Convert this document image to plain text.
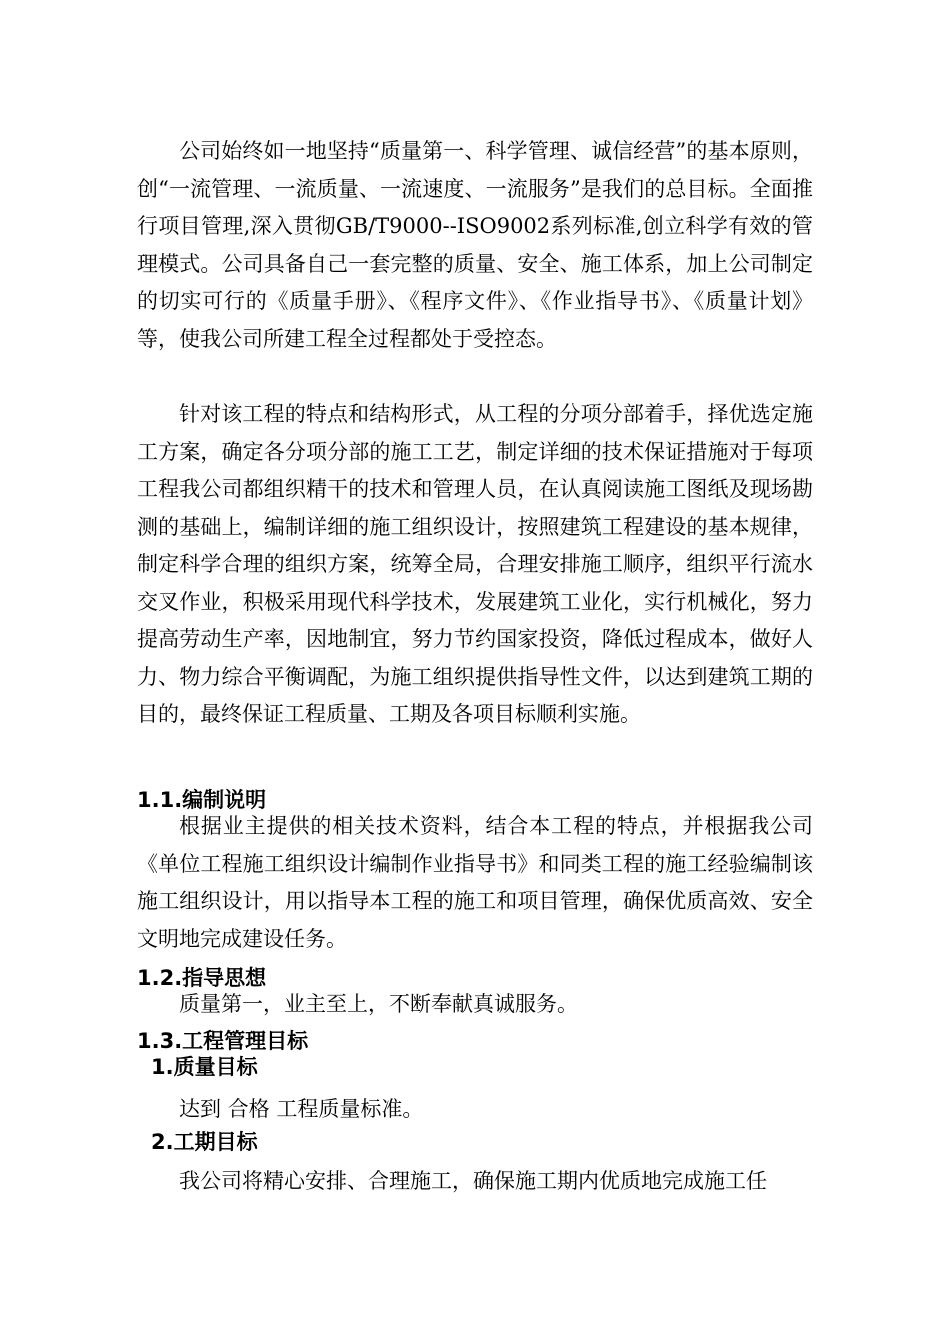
公司始终如一地坚持“质量第一、科学管理、诚信经营”的基本原则，创“一流管理、一流质量、一流速度、一流服务”是我们的总目标。全面推行项目管理,深入贯彻GB/T9000--ISO9002系列标准,创立科学有效的管理模式。公司具备自己一套完整的质量、安全、施工体系，加上公司制定的切实可行的《质量手册》、《程序文件》、《作业指导书》、《质量计划》等，使我公司所建工程全过程都处于受控态。

针对该工程的特点和结构形式，从工程的分项分部着手，择优选定施工方案，确定各分项分部的施工工艺，制定详细的技术保证措施对于每项工程我公司都组织精干的技术和管理人员，在认真阅读施工图纸及现场勘测的基础上，编制详细的施工组织设计，按照建筑工程建设的基本规律，制定科学合理的组织方案，统筹全局，合理安排施工顺序，组织平行流水交叉作业，积极采用现代科学技术，发展建筑工业化，实行机械化，努力提高劳动生产率，因地制宜，努力节约国家投资，降低过程成本，做好人力、物力综合平衡调配，为施工组织提供指导性文件，以达到建筑工期的目的，最终保证工程质量、工期及各项目标顺利实施。

1.1.编制说明

根据业主提供的相关技术资料，结合本工程的特点，并根据我公司《单位工程施工组织设计编制作业指导书》和同类工程的施工经验编制该施工组织设计，用以指导本工程的施工和项目管理，确保优质高效、安全文明地完成建设任务。

1.2.指导思想

质量第一，业主至上，不断奉献真诚服务。

1.3.工程管理目标
1.质量目标

达到 合格 工程质量标准。

2.工期目标

我公司将精心安排、合理施工，确保施工期内优质地完成施工任
